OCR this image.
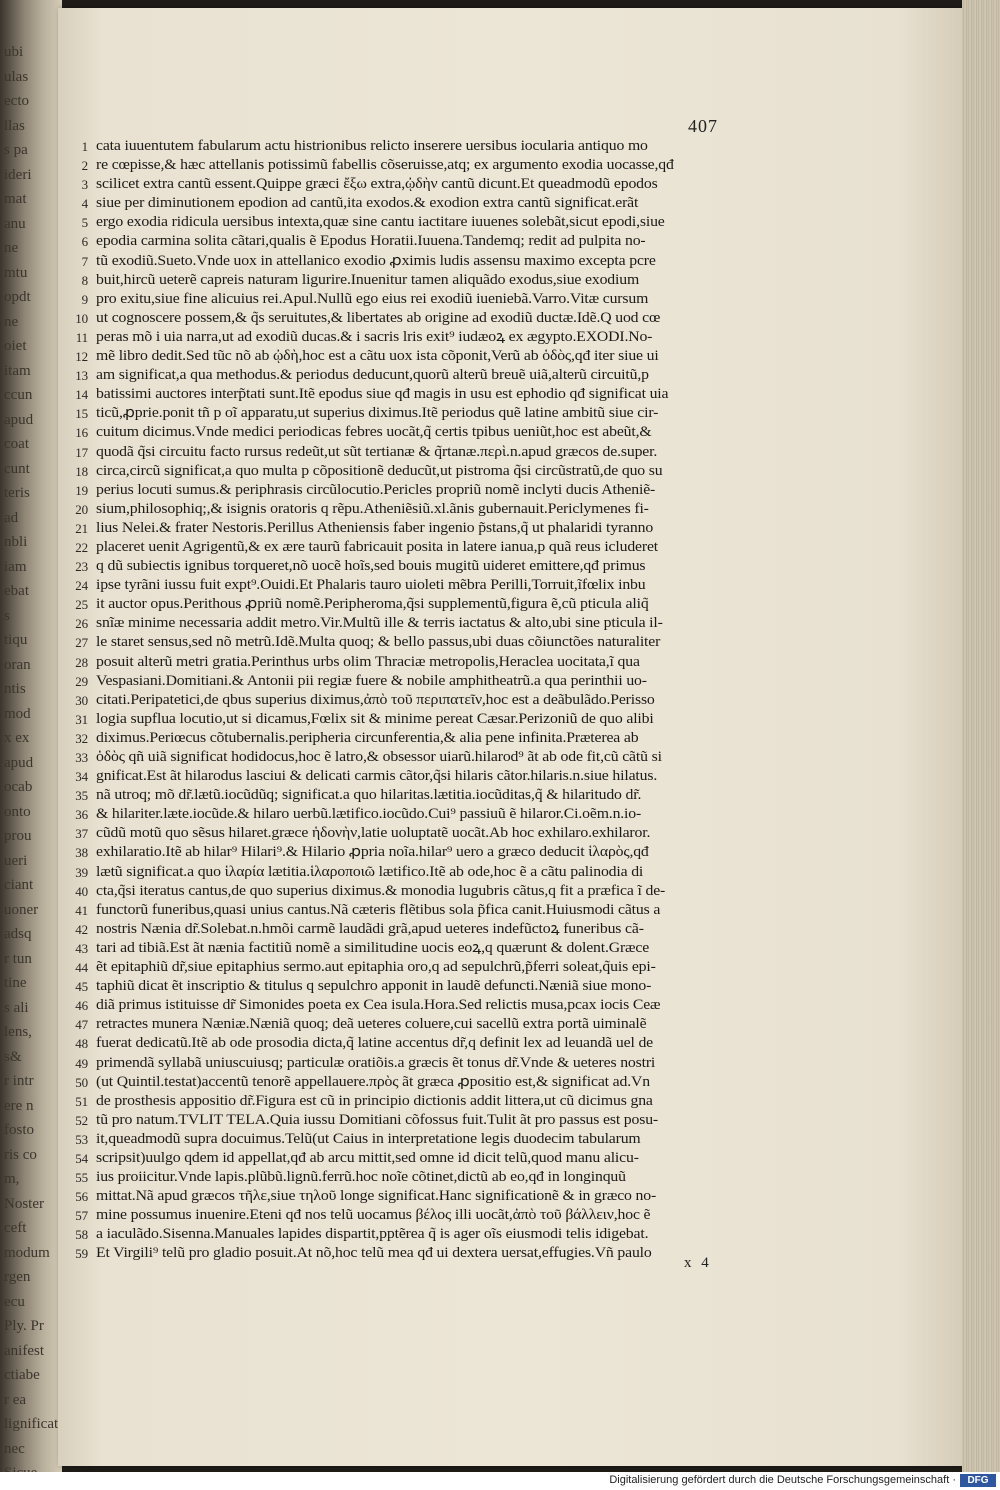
ubi
ulas
ecto
llas
s pa
ideri
mat
anu
ne
mtu
opdt
ne
oiet
itam
ccun
apud
coat
cunt
teris
ad
nbli
iam
ebat
s
tiqu
oran
ntis
mod
x ex
apud
ocab
onto
prou
ueri
ciant
uoner
adsq
r tun
tine
s ali
lens,
s&
r intr
ere n
fosto
ris co
m,
Noster
ceft
modum
rgen
ecu
Ply. Pr
anifest
ctiabe
r ea
lignificat
nec
407
1 cata iuuentutem fabularum actu histrionibus relicto inserere uersibus iocularia antiquo mo
2 re cœpisse,& hæc attellanis potissimũ fabellis cõseruisse,atq; ex argumento exodia uocasse,qđ
3 scilicet extra cantũ essent.Quippe græci ἔξω extra,ᾠδὴν cantũ dicunt.Et queadmodũ epodos
4 siue per diminutionem epodion ad cantũ,ita exodos.& exodion extra cantũ significat.erãt
5 ergo exodia ridicula uersibus intexta,quæ sine cantu iactitare iuuenes solebãt,sicut epodi,siue
6 epodia carmina solita cãtari,qualis ẽ Epodus Horatii.Iuuena.Tandemq; redit ad pulpita no-
7 tũ exodiũ.Sueto.Vnde uox in attellanico exodio ꝓximis ludis assensu maximo excepta pcre
8 buit,hircũ ueterẽ capreis naturam ligurire.Inuenitur tamen aliquãdo exodus,siue exodium
9 pro exitu,siue fine alicuius rei.Apul.Nullũ ego eius rei exodiũ iueniebã.Varro.Vitæ cursum
10 ut cognoscere possem,& q̃s seruitutes,& libertates ab origine ad exodiũ ductæ.Idẽ.Q uod cœ
11 peras mõ i uia narra,ut ad exodiũ ducas.& i sacris lris exit⁹ iudæoꝝ ex ægypto.EXODI.No-
12 mẽ libro dedit.Sed tũc nõ ab ᾠδὴ,hoc est a cãtu uox ista cõponit,Verũ ab ὁδὸς,qđ iter siue ui
13 am significat,a qua methodus.& periodus deducunt,quorũ alterũ breuẽ uiã,alterũ circuitũ,p
14 batissimi auctores interp̃tati sunt.Itẽ epodus siue qđ magis in usu est ephodio qđ significat uia
15 ticũ,ꝓprie.ponit tñ p oĩ apparatu,ut superius diximus.Itẽ periodus quẽ latine ambitũ siue cir-
16 cuitum dicimus.Vnde medici periodicas febres uocãt,q̃ certis tpibus ueniũt,hoc est abeũt,&
17 quodã q̃si circuitu facto rursus redeũt,ut sũt tertianæ & q̃rtanæ.περὶ.n.apud græcos de.super.
18 circa,circũ significat,a quo multa p cõpositionẽ deducũt,ut pistroma q̃si circũstratũ,de quo su
19 perius locuti sumus.& periphrasis circũlocutio.Pericles propriũ nomẽ inclyti ducis Atheniẽ-
20 sium,philosophiq;,& isignis oratoris q rẽpu.Atheniẽsiũ.xl.ãnis gubernauit.Periclymenes fi-
21 lius Nelei.& frater Nestoris.Perillus Atheniensis faber ingenio p̃stans,q̃ ut phalaridi tyranno
22 placeret uenit Agrigentũ,& ex ære taurũ fabricauit posita in latere ianua,p quã reus icluderet
23 q dũ subiectis ignibus torqueret,nõ uocẽ hoĩs,sed bouis mugitũ uideret emittere,qđ primus
24 ipse tyrãni iussu fuit expt⁹.Ouidi.Et Phalaris tauro uioleti mẽbra Perilli,Torruit,ĩfœlix inbu
25 it auctor opus.Perithous ꝓpriũ nomẽ.Peripheroma,q̃si supplementũ,figura ẽ,cũ pticula aliq̃
26 snĩæ minime necessaria addit metro.Vir.Multũ ille & terris iactatus & alto,ubi sine pticula il-
27 le staret sensus,sed nõ metrũ.Idẽ.Multa quoq; & bello passus,ubi duas cõiunctões naturaliter
28 posuit alterũ metri gratia.Perinthus urbs olim Thraciæ metropolis,Heraclea uocitata,ĩ qua
29 Vespasiani.Domitiani.& Antonii pii regiæ fuere & nobile amphitheatrũ.a qua perinthii uo-
30 citati.Peripatetici,de qbus superius diximus,ἀπὸ τοῦ περιπατεῖν,hoc est a deãbulãdo.Perisso
31 logia supflua locutio,ut si dicamus,Fœlix sit & minime pereat Cæsar.Perizoniũ de quo alibi
32 diximus.Periœcus cõtubernalis.peripheria circunferentia,& alia pene infinita.Præterea ab
33 ὁδὸς qñ uiã significat hodidocus,hoc ẽ latro,& obsessor uiarũ.hilarod⁹ ãt ab ode fit,cũ cãtũ si
34 gnificat.Est ãt hilarodus lasciui & delicati carmis cãtor,q̃si hilaris cãtor.hilaris.n.siue hilatus.
35 nã utroq; mõ dr̃.lætũ.iocũdũq; significat.a quo hilaritas.lætitia.iocũditas,q̃ & hilaritudo dr̃.
36 & hilariter.læte.iocũde.& hilaro uerbũ.lætifico.iocũdo.Cui⁹ passiuũ ẽ hilaror.Ci.oẽm.n.io-
37 cũdũ motũ quo sẽsus hilaret.græce ἡδονὴν,latie uoluptatẽ uocãt.Ab hoc exhilaro.exhilaror.
38 exhilaratio.Itẽ ab hilar⁹ Hilari⁹.& Hilario ꝓpria noĩa.hilar⁹ uero a græco deducit ἱλαρὸς,qđ
39 lætũ significat.a quo ἱλαρία lætitia.ἱλαροποιῶ lætifico.Itẽ ab ode,hoc ẽ a cãtu palinodia di
40 cta,q̃si iteratus cantus,de quo superius diximus.& monodia lugubris cãtus,q fit a præfica ĩ de-
41 functorũ funeribus,quasi unius cantus.Nã cæteris flẽtibus sola p̃fica canit.Huiusmodi cãtus a
42 nostris Nænia dr̃.Solebat.n.hmõi carmẽ laudãdi grã,apud ueteres indefũctoꝝ funeribus cã-
43 tari ad tibiã.Est ãt nænia factitiũ nomẽ a similitudine uocis eoꝝ,q quærunt & dolent.Græce
44 ẽt epitaphiũ dr̃,siue epitaphius sermo.aut epitaphia oro,q ad sepulchrũ,p̃ferri soleat,q̃uis epi-
45 taphiũ dicat ẽt inscriptio & titulus q sepulchro apponit in laudẽ defuncti.Næniã siue mono-
46 diã primus istituisse dr̃ Simonides poeta ex Cea isula.Hora.Sed relictis musa,pcax iocis Ceæ
47 retractes munera Næniæ.Næniã quoq; deã ueteres coluere,cui sacellũ extra portã uiminalẽ
48 fuerat dedicatũ.Itẽ ab ode prosodia dicta,q̃ latine accentus dr̃,q definit lex ad leuandã uel de
49 primendã syllabã uniuscuiusq; particulæ oratiõis.a græcis ẽt tonus dr̃.Vnde & ueteres nostri
50 (ut Quintil.testat)accentũ tenorẽ appellauere.πρὸς ãt græca ꝓpositio est,& significat ad.Vn
51 de prosthesis appositio dr̃.Figura est cũ in principio dictionis addit littera,ut cũ dicimus gna
52 tũ pro natum.TVLIT TELA.Quia iussu Domitiani cõfossus fuit.Tulit ãt pro passus est posu-
53 it,queadmodũ supra docuimus.Telũ(ut Caius in interpretatione legis duodecim tabularum
54 scripsit)uulgo qdem id appellat,qđ ab arcu mittit,sed omne id dicit telũ,quod manu alicu-
55 ius proiicitur.Vnde lapis.plũbũ.lignũ.ferrũ.hoc noĩe cõtinet,dictũ ab eo,qđ in longinquũ
56 mittat.Nã apud græcos τῆλε,siue τηλοῦ longe significat.Hanc significationẽ & in græco no-
57 mine possumus inuenire.Eteni qđ nos telũ uocamus βέλος illi uocãt,ἀπὸ τοῦ βάλλειν,hoc ẽ
58 a iaculãdo.Sisenna.Manuales lapides dispartit,pptẽrea q̃ is ager oĩs eiusmodi telis idigebat.
59 Et Virgili⁹ telũ pro gladio posuit.At nõ,hoc telũ mea qđ ui dextera uersat,effugies.Vñ paulo
x 4
Digitalisierung gefördert durch die Deutsche Forschungsgemeinschaft ·	DFG
